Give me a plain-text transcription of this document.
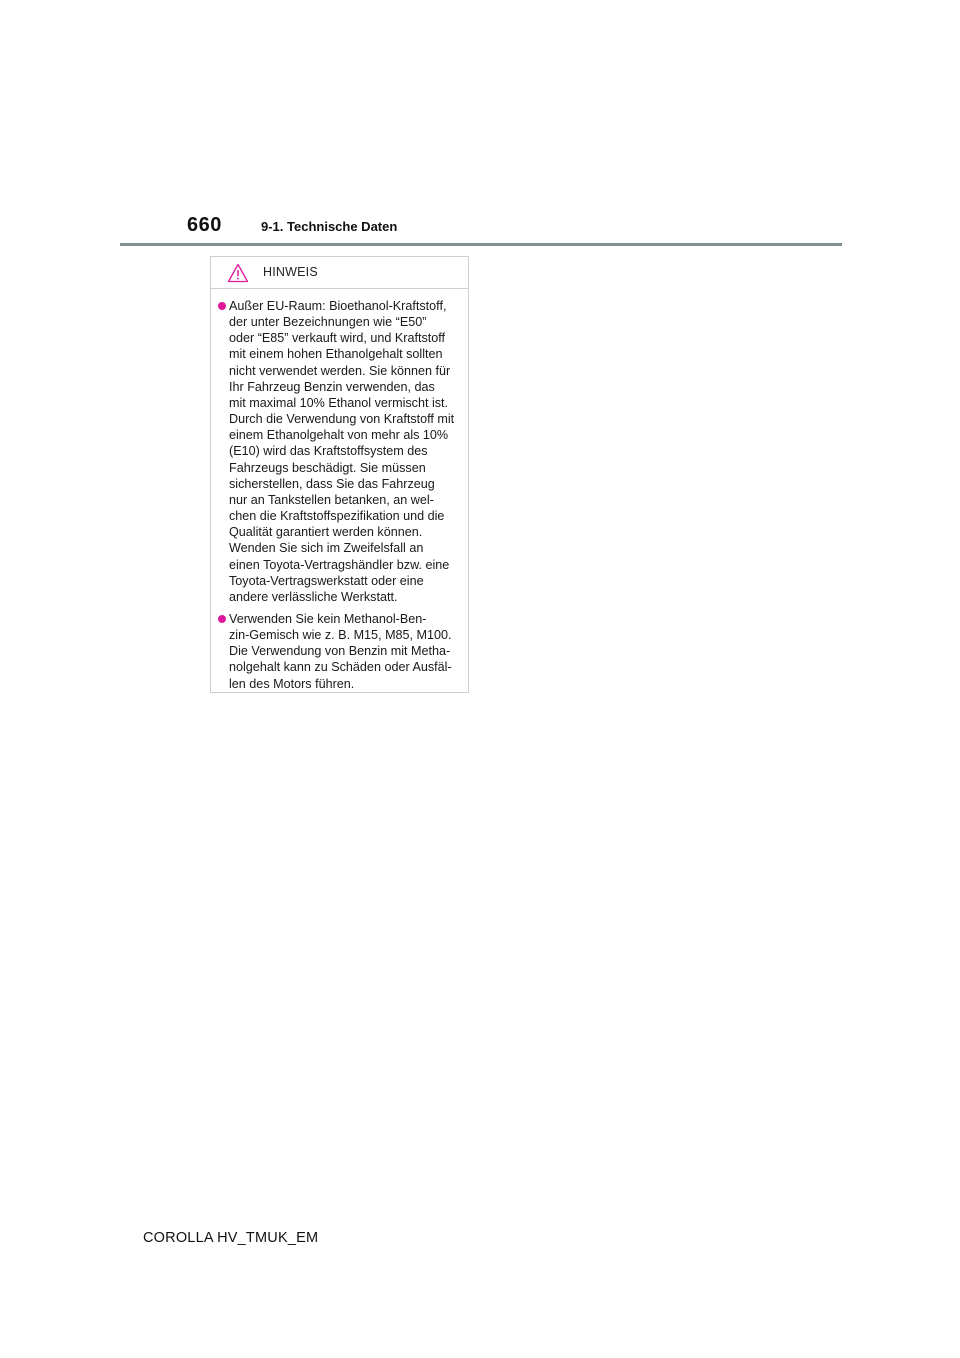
660	9-1. Technische Daten
HINWEIS

Außer EU-Raum: Bioethanol-Kraftstoff,
der unter Bezeichnungen wie “E50”
oder “E85” verkauft wird, und Kraftstoff
mit einem hohen Ethanolgehalt sollten
nicht verwendet werden. Sie können für
Ihr Fahrzeug Benzin verwenden, das
mit maximal 10% Ethanol vermischt ist.
Durch die Verwendung von Kraftstoff mit
einem Ethanolgehalt von mehr als 10%
(E10) wird das Kraftstoffsystem des
Fahrzeugs beschädigt. Sie müssen
sicherstellen, dass Sie das Fahrzeug
nur an Tankstellen betanken, an wel-
chen die Kraftstoffspezifikation und die
Qualität garantiert werden können.
Wenden Sie sich im Zweifelsfall an
einen Toyota-Vertragshändler bzw. eine
Toyota-Vertragswerkstatt oder eine
andere verlässliche Werkstatt.

Verwenden Sie kein Methanol-Ben-
zin-Gemisch wie z. B. M15, M85, M100.
Die Verwendung von Benzin mit Metha-
nolgehalt kann zu Schäden oder Ausfäl-
len des Motors führen.

COROLLA HV_TMUK_EM
